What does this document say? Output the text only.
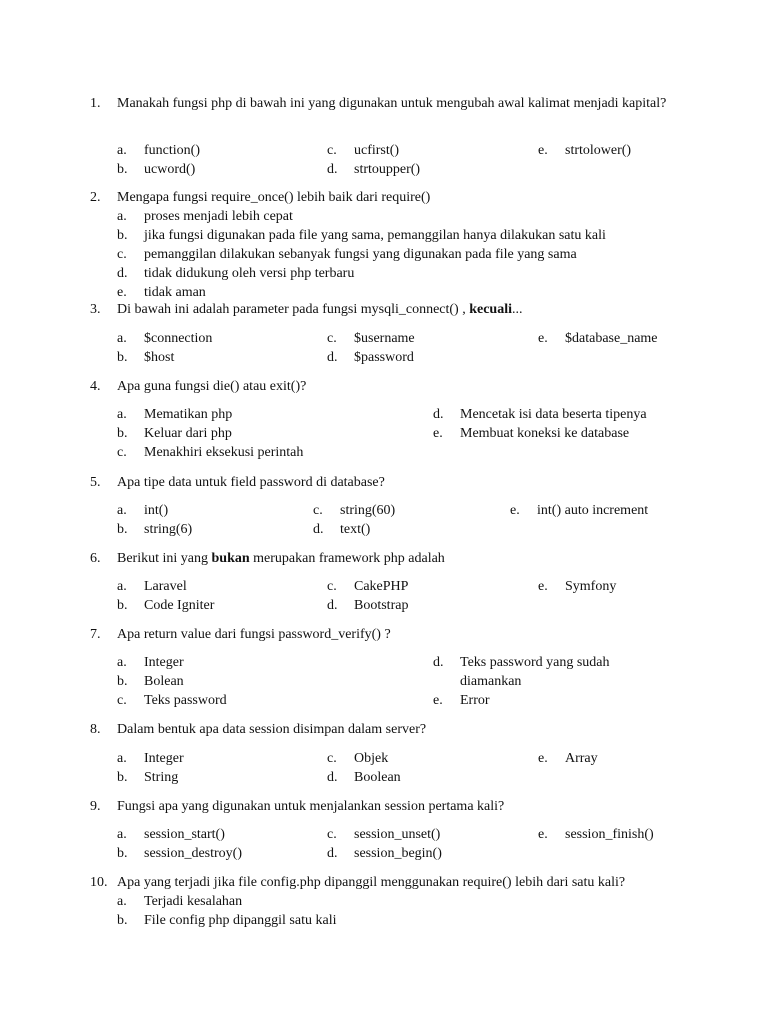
1. Manakah fungsi php di bawah ini yang digunakan untuk mengubah awal kalimat menjadi kapital?
a. function()
b. ucword()
c. ucfirst()
d. strtoupper()
e. strtolower()
2. Mengapa fungsi require_once() lebih baik dari require()
a. proses menjadi lebih cepat
b. jika fungsi digunakan pada file yang sama, pemanggilan hanya dilakukan satu kali
c. pemanggilan dilakukan sebanyak fungsi yang digunakan pada file yang sama
d. tidak didukung oleh versi php terbaru
e. tidak aman
3. Di bawah ini adalah parameter pada fungsi mysqli_connect() , kecuali...
a. $connection
b. $host
c. $username
d. $password
e. $database_name
4. Apa guna fungsi die() atau exit()?
a. Mematikan php
b. Keluar dari php
c. Menakhiri eksekusi perintah
d. Mencetak isi data beserta tipenya
e. Membuat koneksi ke database
5. Apa tipe data untuk field password di database?
a. int()
b. string(6)
c. string(60)
d. text()
e. int() auto increment
6. Berikut ini yang bukan merupakan framework php adalah
a. Laravel
b. Code Igniter
c. CakePHP
d. Bootstrap
e. Symfony
7. Apa return value dari fungsi password_verify() ?
a. Integer
b. Bolean
c. Teks password
d. Teks password yang sudah diamankan
e. Error
8. Dalam bentuk apa data session disimpan dalam server?
a. Integer
b. String
c. Objek
d. Boolean
e. Array
9. Fungsi apa yang digunakan untuk menjalankan session pertama kali?
a. session_start()
b. session_destroy()
c. session_unset()
d. session_begin()
e. session_finish()
10. Apa yang terjadi jika file config.php dipanggil menggunakan require() lebih dari satu kali?
a. Terjadi kesalahan
b. File config php dipanggil satu kali
